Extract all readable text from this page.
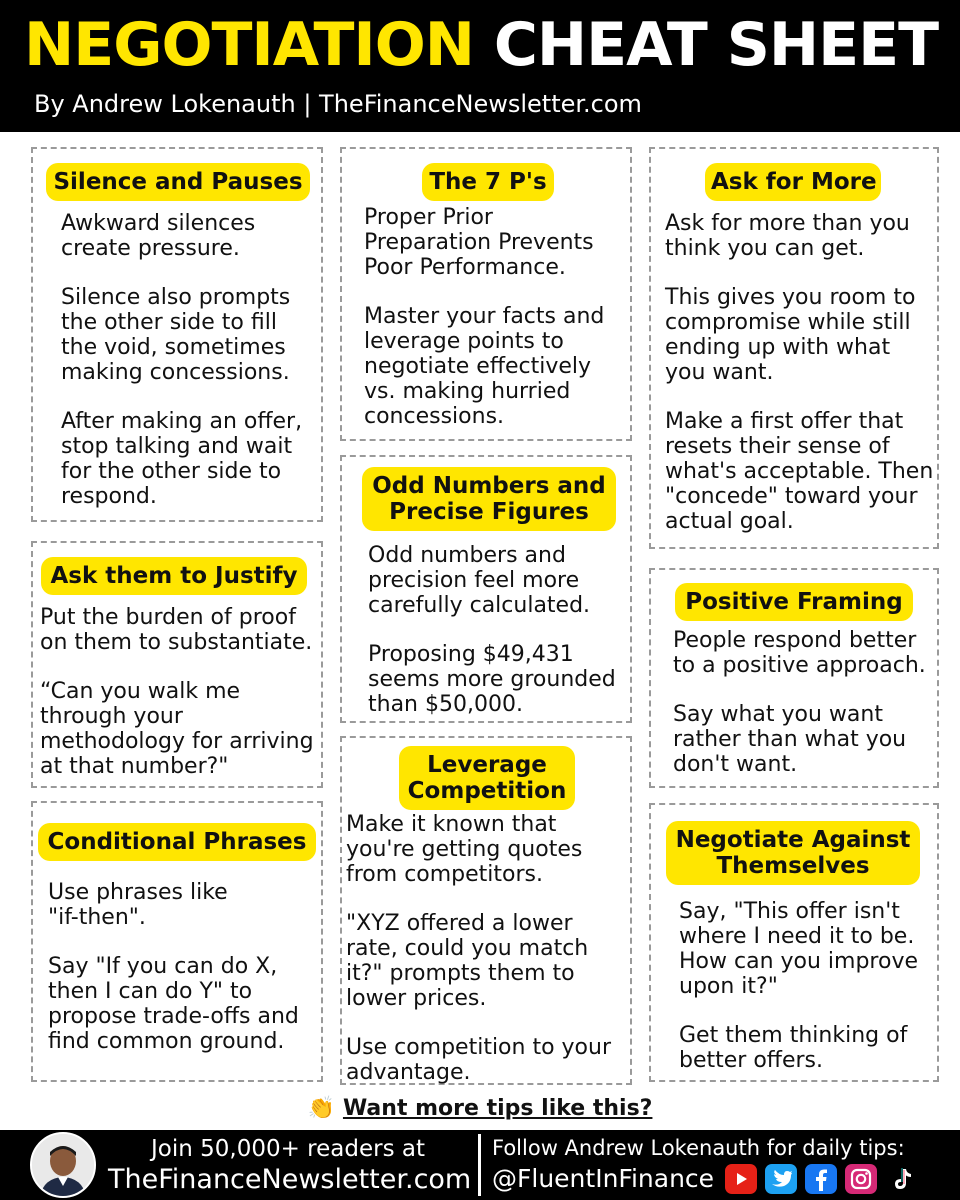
NEGOTIATION CHEAT SHEET
By Andrew Lokenauth | TheFinanceNewsletter.com
Silence and Pauses

Awkward silences create pressure.

Silence also prompts the other side to fill the void, sometimes making concessions.

After making an offer, stop talking and wait for the other side to respond.

Ask them to Justify

Put the burden of proof on them to substantiate.

“Can you walk me through your methodology for arriving at that number?"

Conditional Phrases

Use phrases like "if-then".

Say "If you can do X, then I can do Y" to propose trade-offs and find common ground.

The 7 P's

Proper Prior Preparation Prevents Poor Performance.

Master your facts and leverage points to negotiate effectively vs. making hurried concessions.

Odd Numbers and
Precise Figures

Odd numbers and precision feel more carefully calculated.

Proposing $49,431 seems more grounded than $50,000.

Leverage
Competition

Make it known that you're getting quotes from competitors.

"XYZ offered a lower rate, could you match it?" prompts them to lower prices.

Use competition to your advantage.

Ask for More

Ask for more than you think you can get.

This gives you room to compromise while still ending up with what you want.

Make a first offer that resets their sense of what's acceptable. Then "concede" toward your actual goal.

Positive Framing

People respond better to a positive approach.

Say what you want rather than what you don't want.

Negotiate Against
Themselves

Say, "This offer isn't where I need it to be. How can you improve upon it?"

Get them thinking of better offers.

👏 Want more tips like this?
Join 50,000+ readers at
TheFinanceNewsletter.com
Follow Andrew Lokenauth for daily tips:
@FluentInFinance
